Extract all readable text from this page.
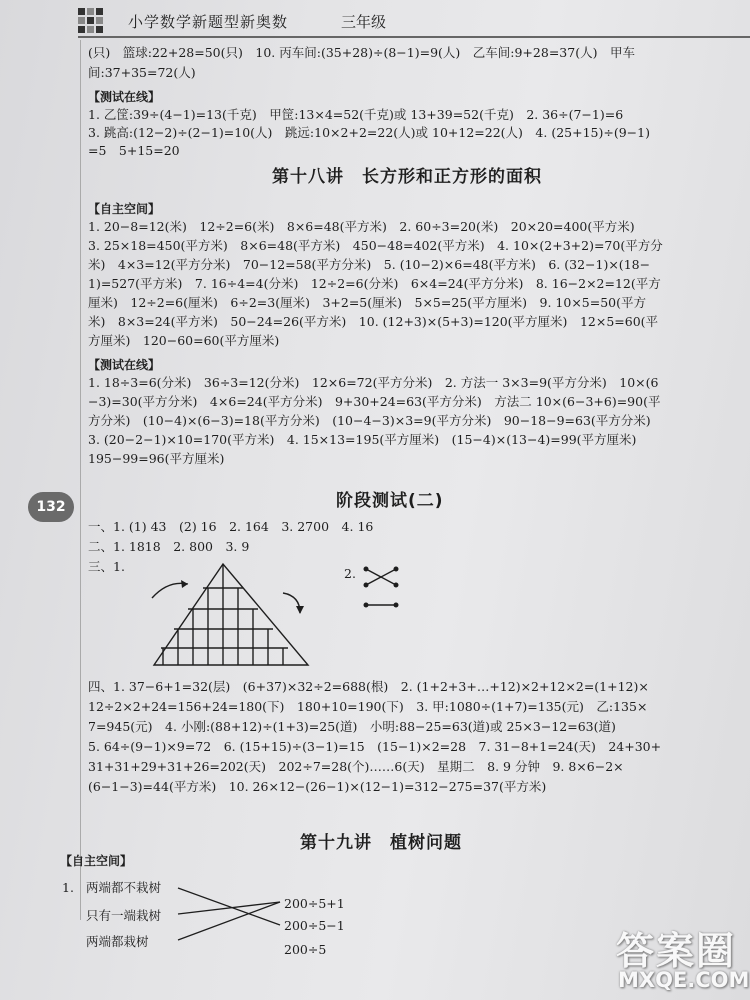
小学数学新题型新奥数	三年级
132
(只)　篮球:22+28=50(只)　10. 丙车间:(35+28)÷(8−1)=9(人)　乙车间:9+28=37(人)　甲车
间:37+35=72(人)
【测试在线】
1. 乙筐:39÷(4−1)=13(千克)　甲筐:13×4=52(千克)或 13+39=52(千克)　2. 36÷(7−1)=6
3. 跳高:(12−2)÷(2−1)=10(人)　跳远:10×2+2=22(人)或 10+12=22(人)　4. (25+15)÷(9−1)
=5　5+15=20
第十八讲　长方形和正方形的面积
【自主空间】
1. 20−8=12(米)　12÷2=6(米)　8×6=48(平方米)　2. 60÷3=20(米)　20×20=400(平方米)
3. 25×18=450(平方米)　8×6=48(平方米)　450−48=402(平方米)　4. 10×(2+3+2)=70(平方分
米)　4×3=12(平方分米)　70−12=58(平方分米)　5. (10−2)×6=48(平方米)　6. (32−1)×(18−
1)=527(平方米)　7. 16÷4=4(分米)　12÷2=6(分米)　6×4=24(平方分米)　8. 16−2×2=12(平方
厘米)　12÷2=6(厘米)　6÷2=3(厘米)　3+2=5(厘米)　5×5=25(平方厘米)　9. 10×5=50(平方
米)　8×3=24(平方米)　50−24=26(平方米)　10. (12+3)×(5+3)=120(平方厘米)　12×5=60(平
方厘米)　120−60=60(平方厘米)
【测试在线】
1. 18÷3=6(分米)　36÷3=12(分米)　12×6=72(平方分米)　2. 方法一 3×3=9(平方分米)　10×(6
−3)=30(平方分米)　4×6=24(平方分米)　9+30+24=63(平方分米)　方法二 10×(6−3+6)=90(平
方分米)　(10−4)×(6−3)=18(平方分米)　(10−4−3)×3=9(平方分米)　90−18−9=63(平方分米)
3. (20−2−1)×10=170(平方米)　4. 15×13=195(平方厘米)　(15−4)×(13−4)=99(平方厘米)
195−99=96(平方厘米)
阶段测试(二)
一、1. (1) 43　(2) 16　2. 164　3. 2700　4. 16
二、1. 1818　2. 800　3. 9
三、1.	2.
四、1. 37−6+1=32(层)　(6+37)×32÷2=688(根)　2. (1+2+3+…+12)×2+12×2=(1+12)×
12÷2×2+24=156+24=180(下)　180+10=190(下)　3. 甲:1080÷(1+7)=135(元)　乙:135×
7=945(元)　4. 小刚:(88+12)÷(1+3)=25(道)　小明:88−25=63(道)或 25×3−12=63(道)
5. 64÷(9−1)×9=72　6. (15+15)÷(3−1)=15　(15−1)×2=28　7. 31−8+1=24(天)　24+30+
31+31+29+31+26=202(天)　202÷7=28(个)……6(天)　星期二　8. 9 分钟　9. 8×6−2×
(6−1−3)=44(平方米)　10. 26×12−(26−1)×(12−1)=312−275=37(平方米)
第十九讲　植树问题
【自主空间】
1. 两端都不栽树
只有一端栽树
两端都栽树
200÷5+1
200÷5−1
200÷5	答案圈
MXQE.COM
